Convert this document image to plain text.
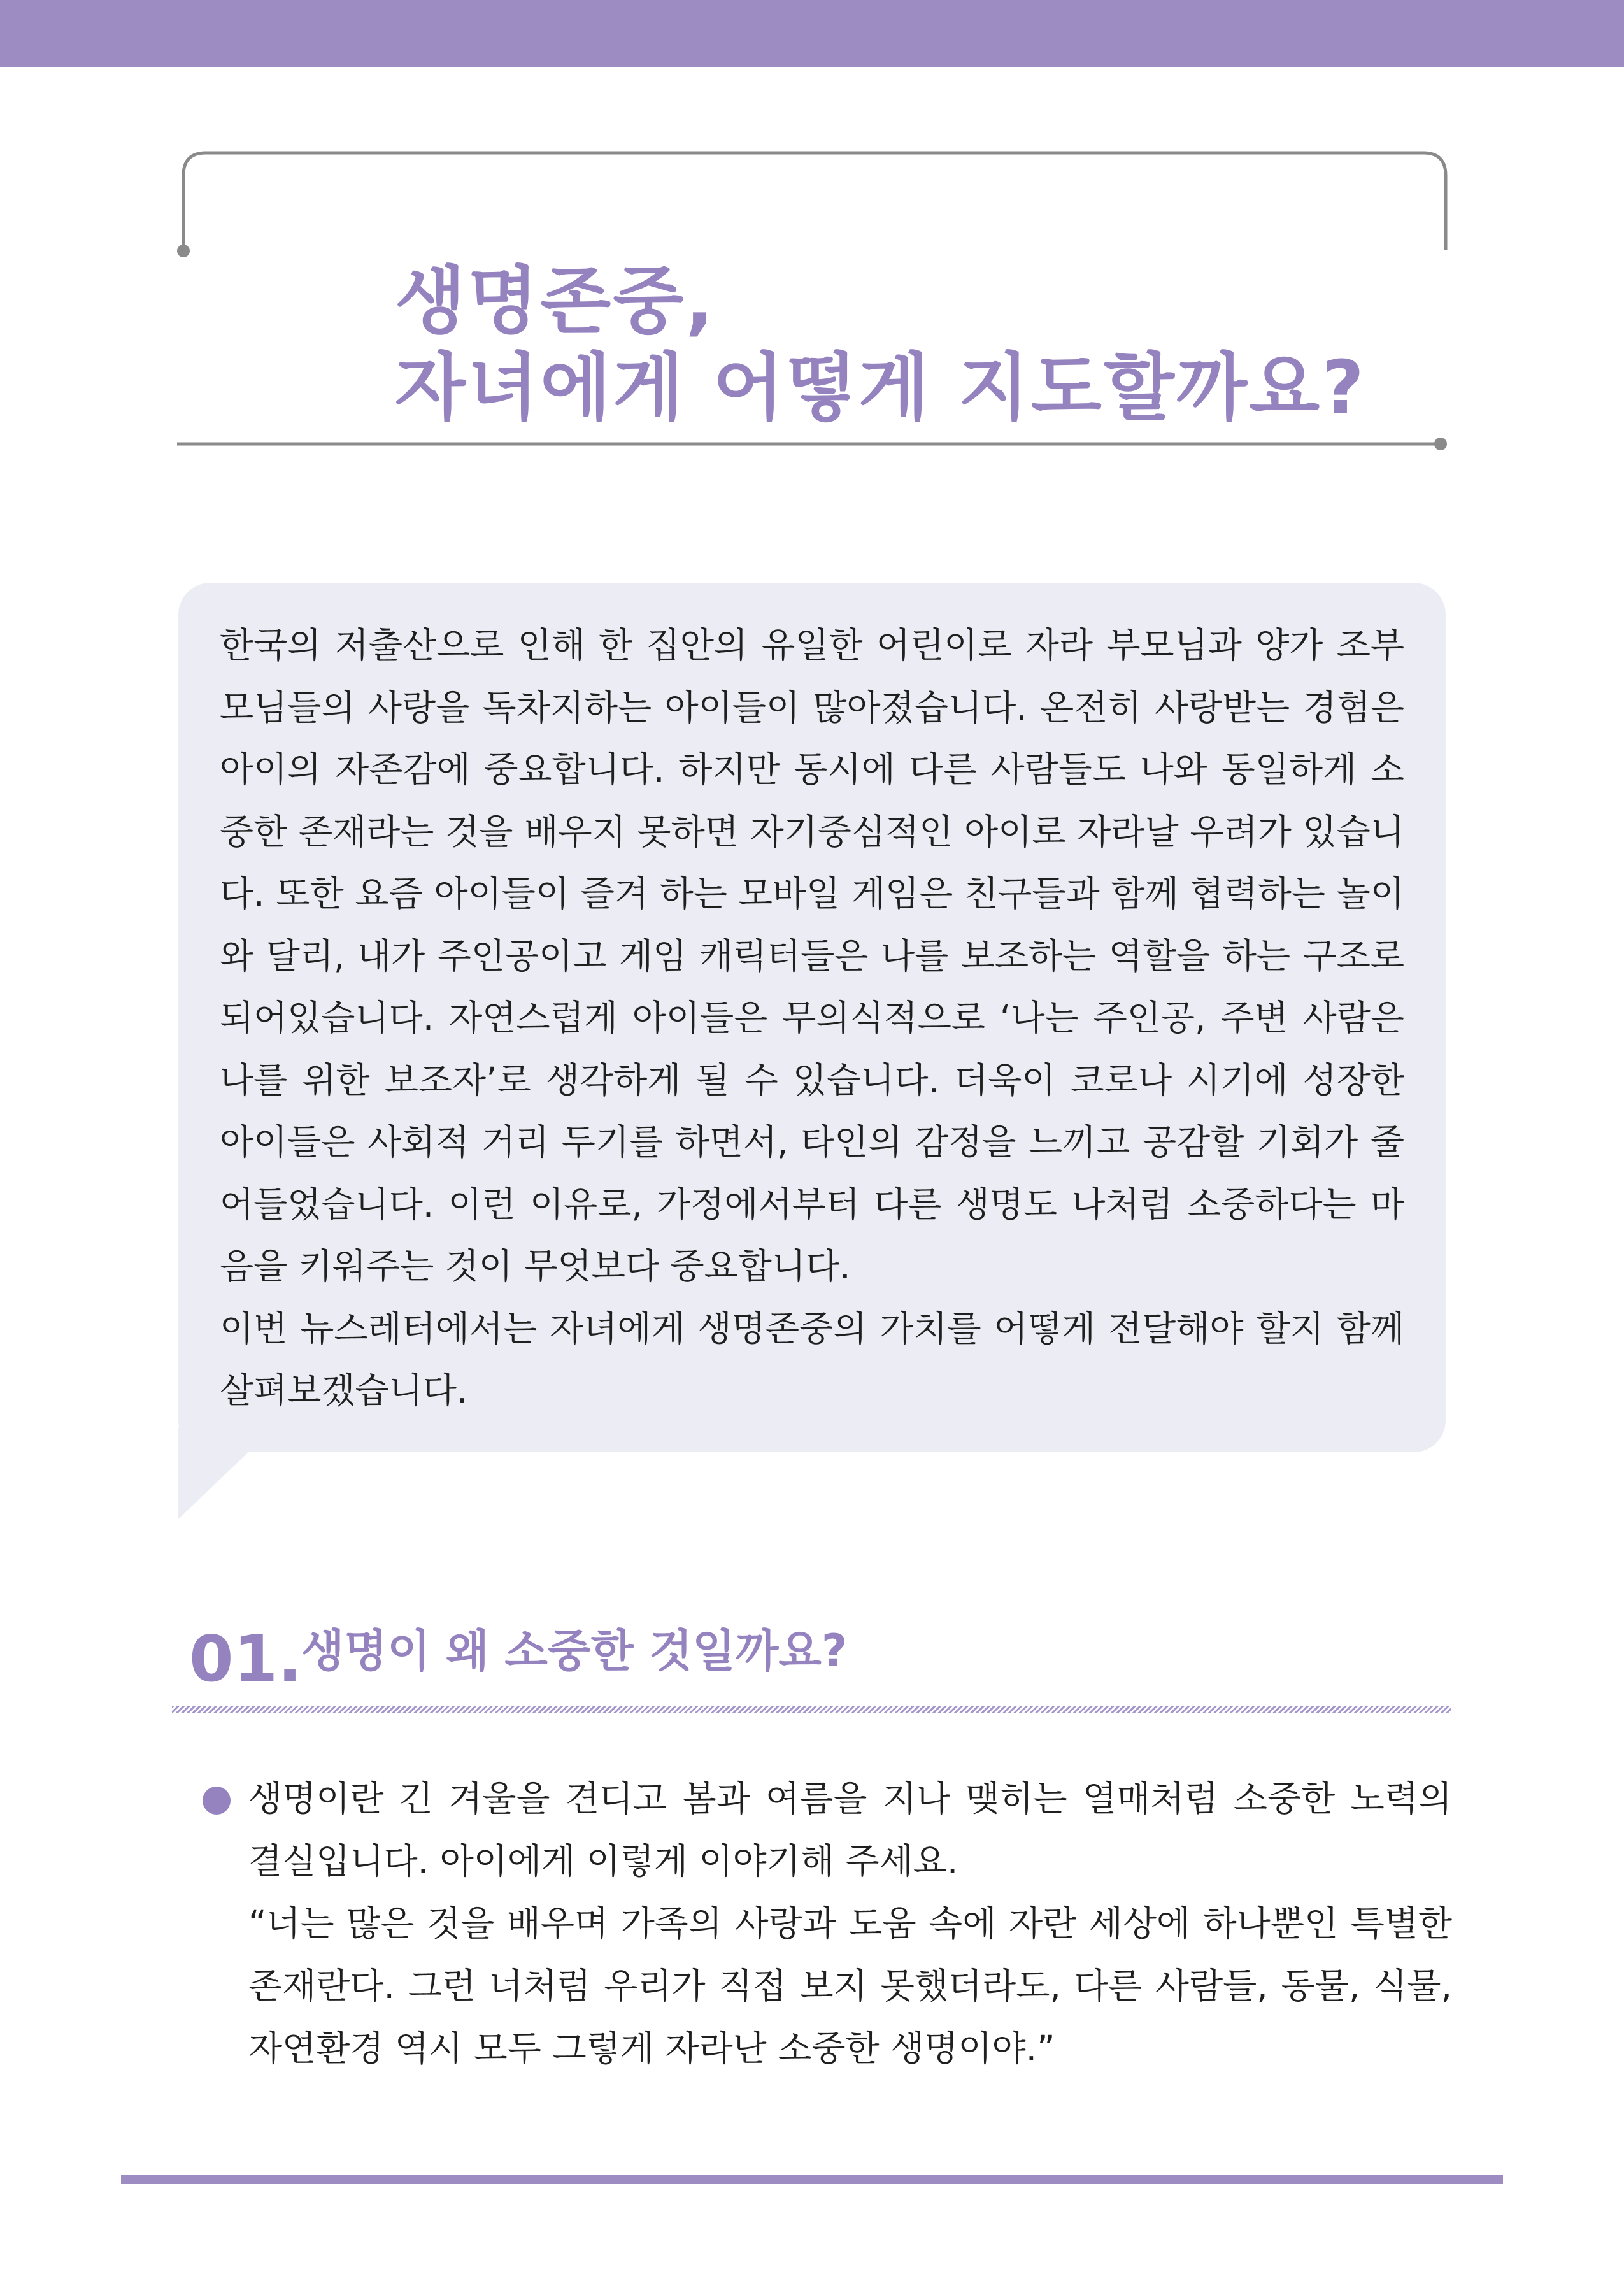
생명존중,
자녀에게 어떻게 지도할까요?

한국의 저출산으로 인해 한 집안의 유일한 어린이로 자라 부모님과 양가 조부모님들의 사랑을 독차지하는 아이들이 많아졌습니다. 온전히 사랑받는 경험은 아이의 자존감에 중요합니다. 하지만 동시에 다른 사람들도 나와 동일하게 소중한 존재라는 것을 배우지 못하면 자기중심적인 아이로 자라날 우려가 있습니다. 또한 요즘 아이들이 즐겨 하는 모바일 게임은 친구들과 함께 협력하는 놀이와 달리, 내가 주인공이고 게임 캐릭터들은 나를 보조하는 역할을 하는 구조로 되어있습니다. 자연스럽게 아이들은 무의식적으로 ‘나는 주인공, 주변 사람은 나를 위한 보조자’로 생각하게 될 수 있습니다. 더욱이 코로나 시기에 성장한 아이들은 사회적 거리 두기를 하면서, 타인의 감정을 느끼고 공감할 기회가 줄어들었습니다. 이런 이유로, 가정에서부터 다른 생명도 나처럼 소중하다는 마음을 키워주는 것이 무엇보다 중요합니다.

이번 뉴스레터에서는 자녀에게 생명존중의 가치를 어떻게 전달해야 할지 함께 살펴보겠습니다.

01.
생명이 왜 소중한 것일까요?

생명이란 긴 겨울을 견디고 봄과 여름을 지나 맺히는 열매처럼 소중한 노력의 결실입니다. 아이에게 이렇게 이야기해 주세요.

“너는 많은 것을 배우며 가족의 사랑과 도움 속에 자란 세상에 하나뿐인 특별한 존재란다. 그런 너처럼 우리가 직접 보지 못했더라도, 다른 사람들, 동물, 식물, 자연환경 역시 모두 그렇게 자라난 소중한 생명이야.”
